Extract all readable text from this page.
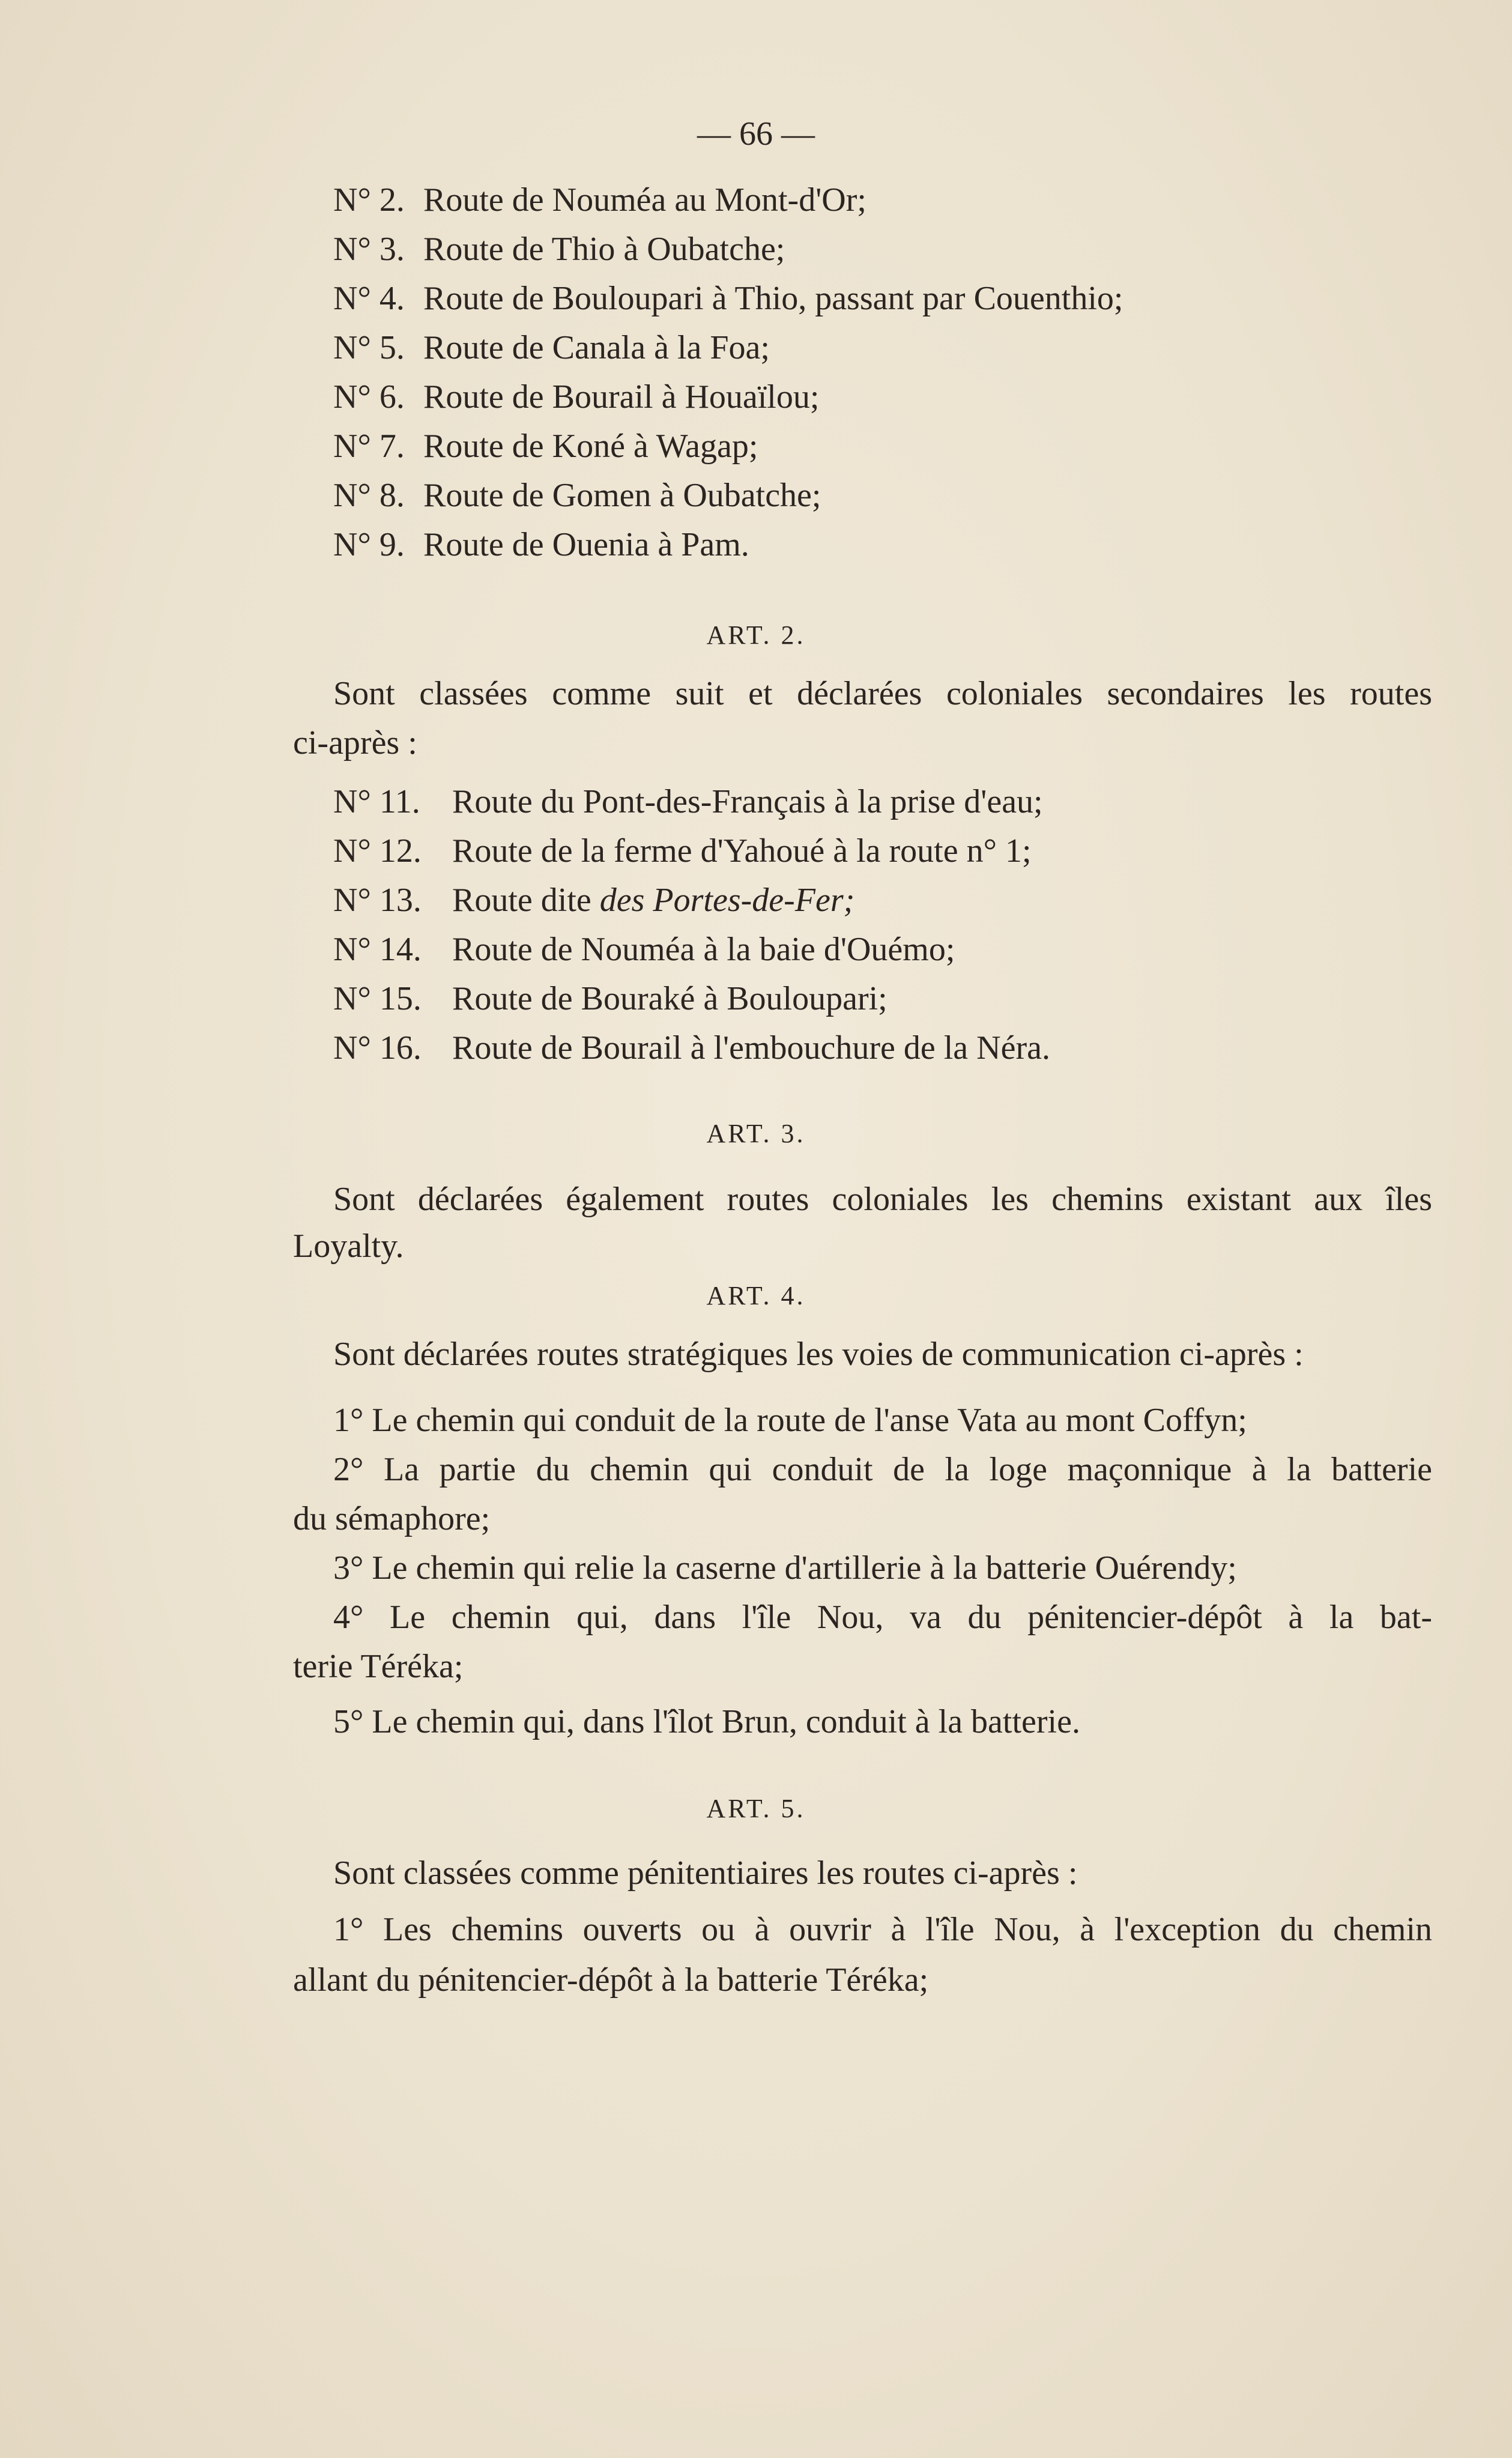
— 66 —
N° 2. Route de Nouméa au Mont-d'Or;
N° 3. Route de Thio à Oubatche;
N° 4. Route de Bouloupari à Thio, passant par Couenthio;
N° 5. Route de Canala à la Foa;
N° 6. Route de Bourail à Houaïlou;
N° 7. Route de Koné à Wagap;
N° 8. Route de Gomen à Oubatche;
N° 9. Route de Ouenia à Pam.
ART. 2.
Sont classées comme suit et déclarées coloniales secondaires les routes
ci-après :
N° 11. Route du Pont-des-Français à la prise d'eau;
N° 12. Route de la ferme d'Yahoué à la route n° 1;
N° 13. Route dite des Portes-de-Fer;
N° 14. Route de Nouméa à la baie d'Ouémo;
N° 15. Route de Bouraké à Bouloupari;
N° 16. Route de Bourail à l'embouchure de la Néra.
ART. 3.
Sont déclarées également routes coloniales les chemins existant aux îles
Loyalty.
ART. 4.
Sont déclarées routes stratégiques les voies de communication ci-après :
1° Le chemin qui conduit de la route de l'anse Vata au mont Coffyn;
2° La partie du chemin qui conduit de la loge maçonnique à la batterie
du sémaphore;
3° Le chemin qui relie la caserne d'artillerie à la batterie Ouérendy;
4° Le chemin qui, dans l'île Nou, va du pénitencier-dépôt à la bat-
terie Téréka;
5° Le chemin qui, dans l'îlot Brun, conduit à la batterie.
ART. 5.
Sont classées comme pénitentiaires les routes ci-après :
1° Les chemins ouverts ou à ouvrir à l'île Nou, à l'exception du chemin
allant du pénitencier-dépôt à la batterie Téréka;
